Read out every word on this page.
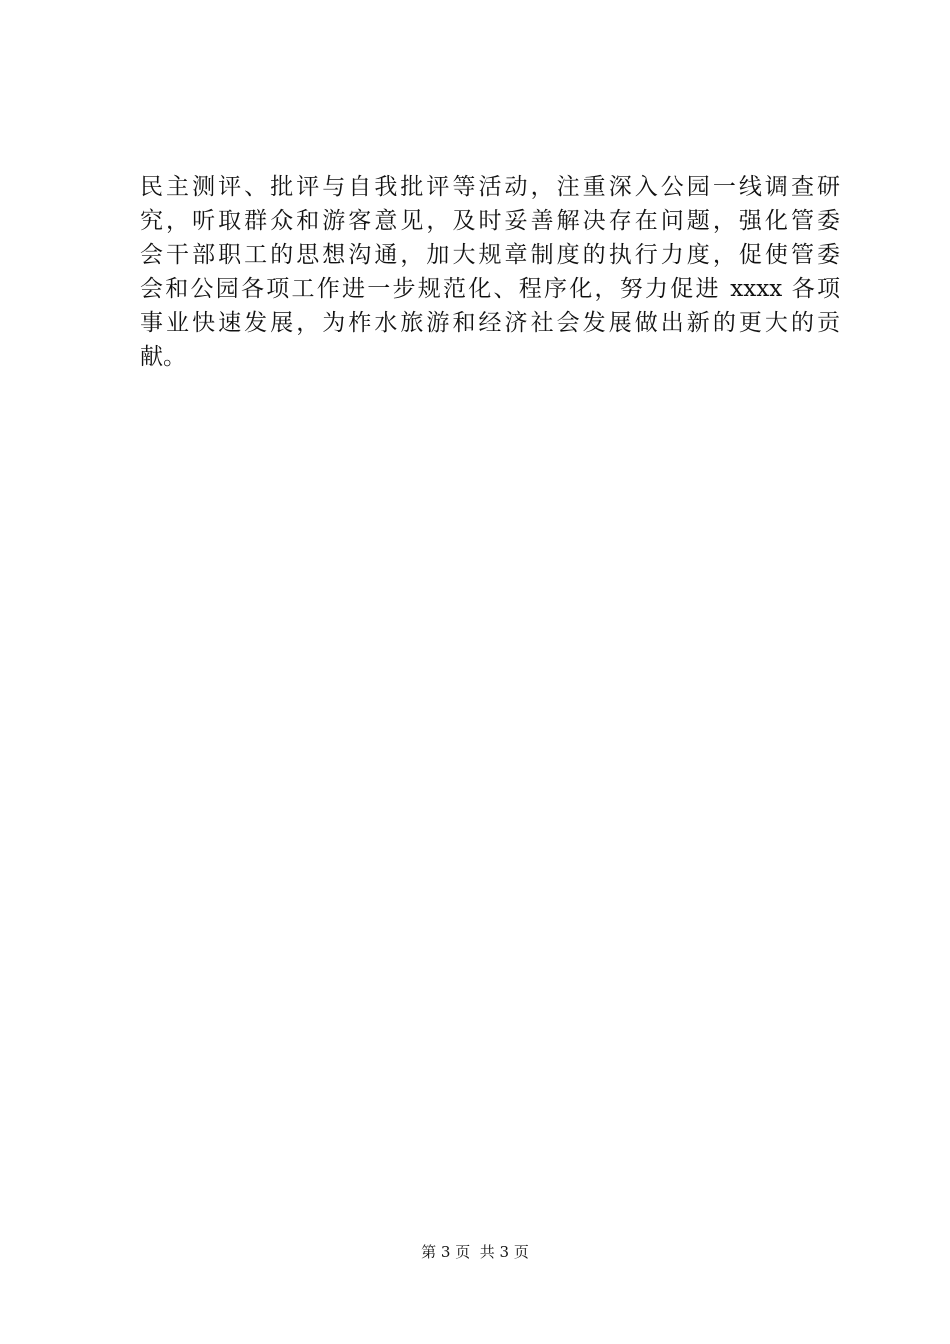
民主测评、批评与自我批评等活动，注重深入公园一线调查研
究，听取群众和游客意见，及时妥善解决存在问题，强化管委
会干部职工的思想沟通，加大规章制度的执行力度，促使管委
会和公园各项工作进一步规范化、程序化，努力促进 xxxx 各项
事业快速发展，为柞水旅游和经济社会发展做出新的更大的贡
献。
第 3 页  共 3 页
